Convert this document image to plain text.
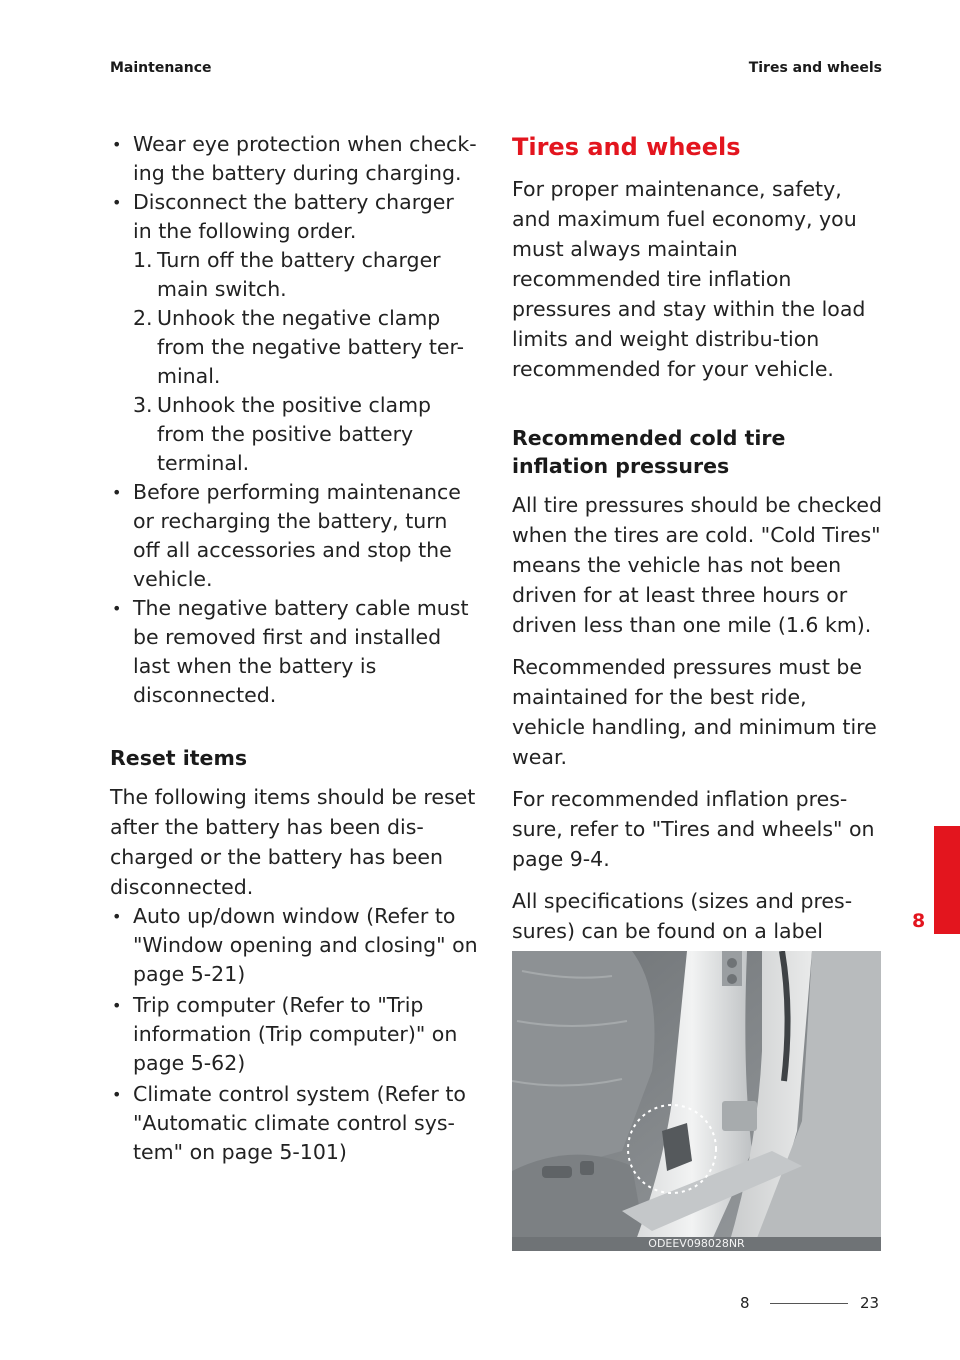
Maintenance	Tires and wheels
• Wear eye protection when check-ing the battery during charging.
• Disconnect the battery charger in the following order.
1. Turn off the battery charger main switch.
2. Unhook the negative clamp from the negative battery ter-minal.
3. Unhook the positive clamp from the positive battery terminal.
• Before performing maintenance or recharging the battery, turn off all accessories and stop the vehicle.
• The negative battery cable must be removed first and installed last when the battery is disconnected.
Reset items

The following items should be reset after the battery has been dis-charged or the battery has been disconnected.

• Auto up/down window (Refer to "Window opening and closing" on page 5-21)
• Trip computer (Refer to "Trip information (Trip computer)" on page 5-62)
• Climate control system (Refer to "Automatic climate control sys-tem" on page 5-101)
Tires and wheels

For proper maintenance, safety, and maximum fuel economy, you must always maintain recommended tire inflation pressures and stay within the load limits and weight distribu-tion recommended for your vehicle.

Recommended cold tire inflation pressures

All tire pressures should be checked when the tires are cold. "Cold Tires" means the vehicle has not been driven for at least three hours or driven less than one mile (1.6 km).

Recommended pressures must be maintained for the best ride, vehicle handling, and minimum tire wear.

For recommended inflation pres-sure, refer to "Tires and wheels" on page 9-4.

All specifications (sizes and pres-sures) can be found on a label

ODEEV098028NR
8
8	23
